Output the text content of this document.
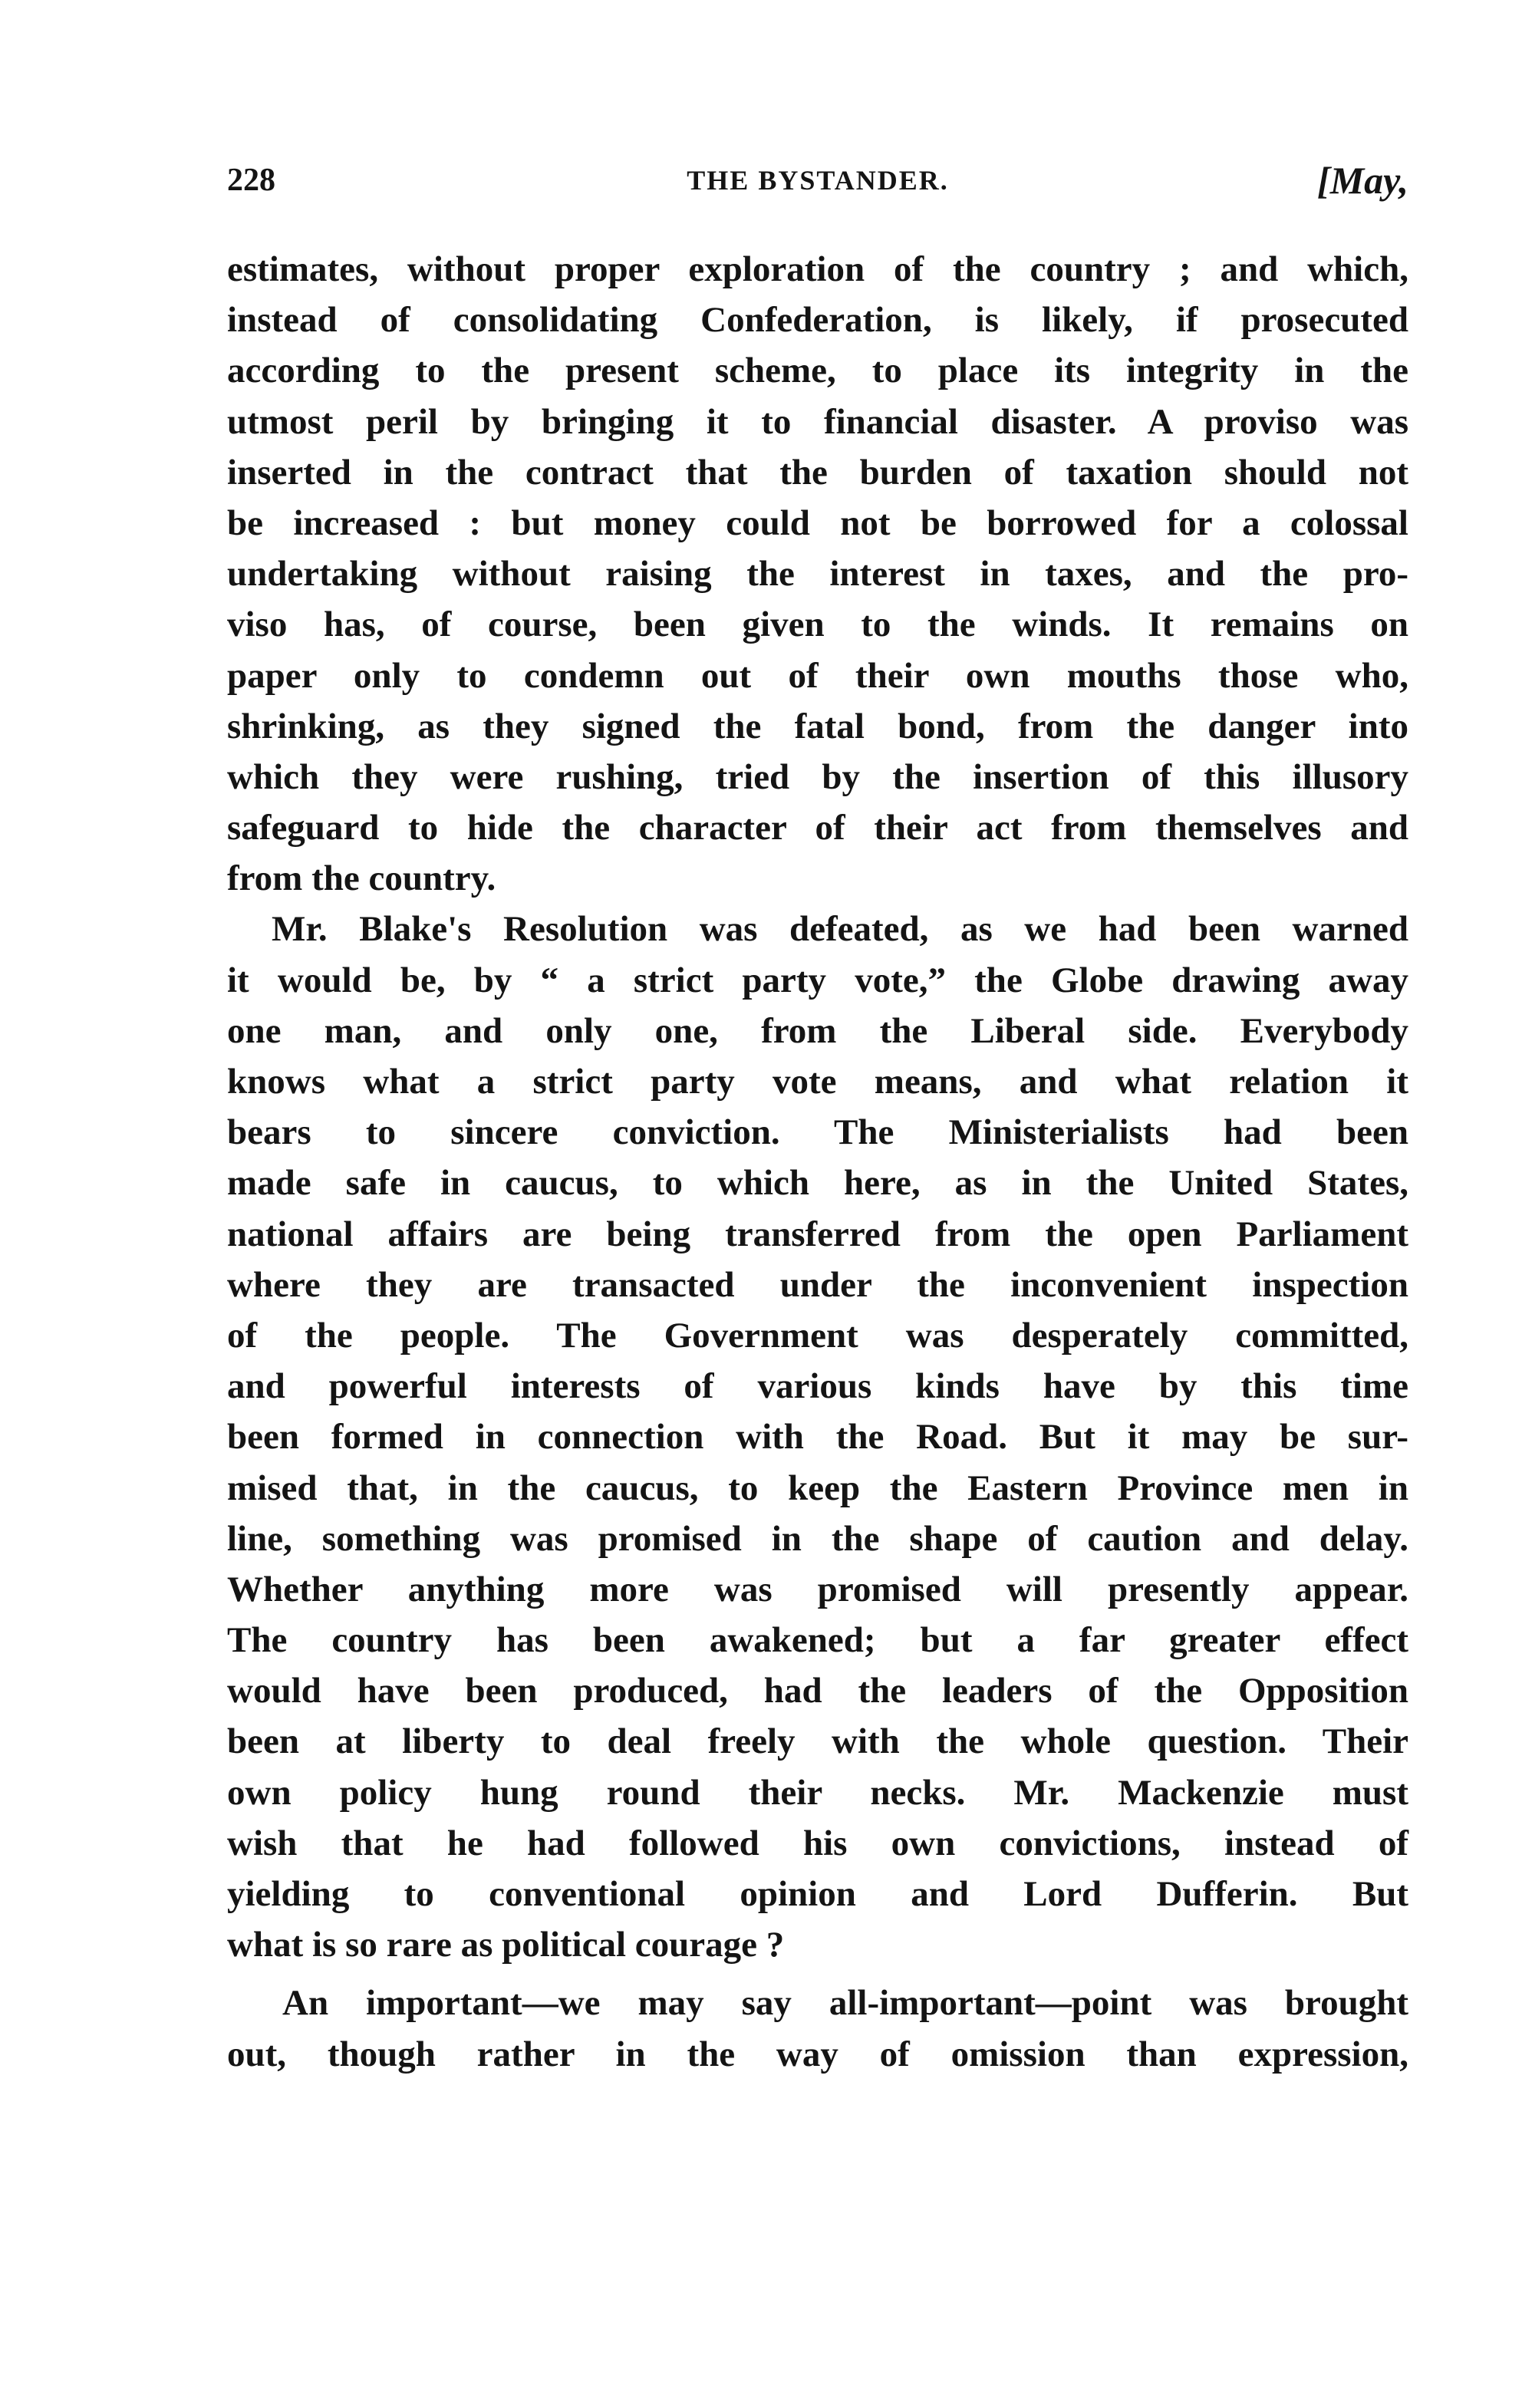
228	THE BYSTANDER.	[May,
estimates, without proper exploration of the country ; and which,
instead of consolidating Confederation, is likely, if prosecuted
according to the present scheme, to place its integrity in the
utmost peril by bringing it to financial disaster. A proviso was
inserted in the contract that the burden of taxation should not
be increased : but money could not be borrowed for a colossal
undertaking without raising the interest in taxes, and the pro-
viso has, of course, been given to the winds. It remains on
paper only to condemn out of their own mouths those who,
shrinking, as they signed the fatal bond, from the danger into
which they were rushing, tried by the insertion of this illusory
safeguard to hide the character of their act from themselves and
from the country.
Mr. Blake's Resolution was defeated, as we had been warned
it would be, by “ a strict party vote,” the Globe drawing away
one man, and only one, from the Liberal side. Everybody
knows what a strict party vote means, and what relation it
bears to sincere conviction. The Ministerialists had been
made safe in caucus, to which here, as in the United States,
national affairs are being transferred from the open Parliament
where they are transacted under the inconvenient inspection
of the people. The Government was desperately committed,
and powerful interests of various kinds have by this time
been formed in connection with the Road. But it may be sur-
mised that, in the caucus, to keep the Eastern Province men in
line, something was promised in the shape of caution and delay.
Whether anything more was promised will presently appear.
The country has been awakened; but a far greater effect
would have been produced, had the leaders of the Opposition
been at liberty to deal freely with the whole question. Their
own policy hung round their necks. Mr. Mackenzie must
wish that he had followed his own convictions, instead of
yielding to conventional opinion and Lord Dufferin. But
what is so rare as political courage ?
An important—we may say all-important—point was brought
out, though rather in the way of omission than expression,
